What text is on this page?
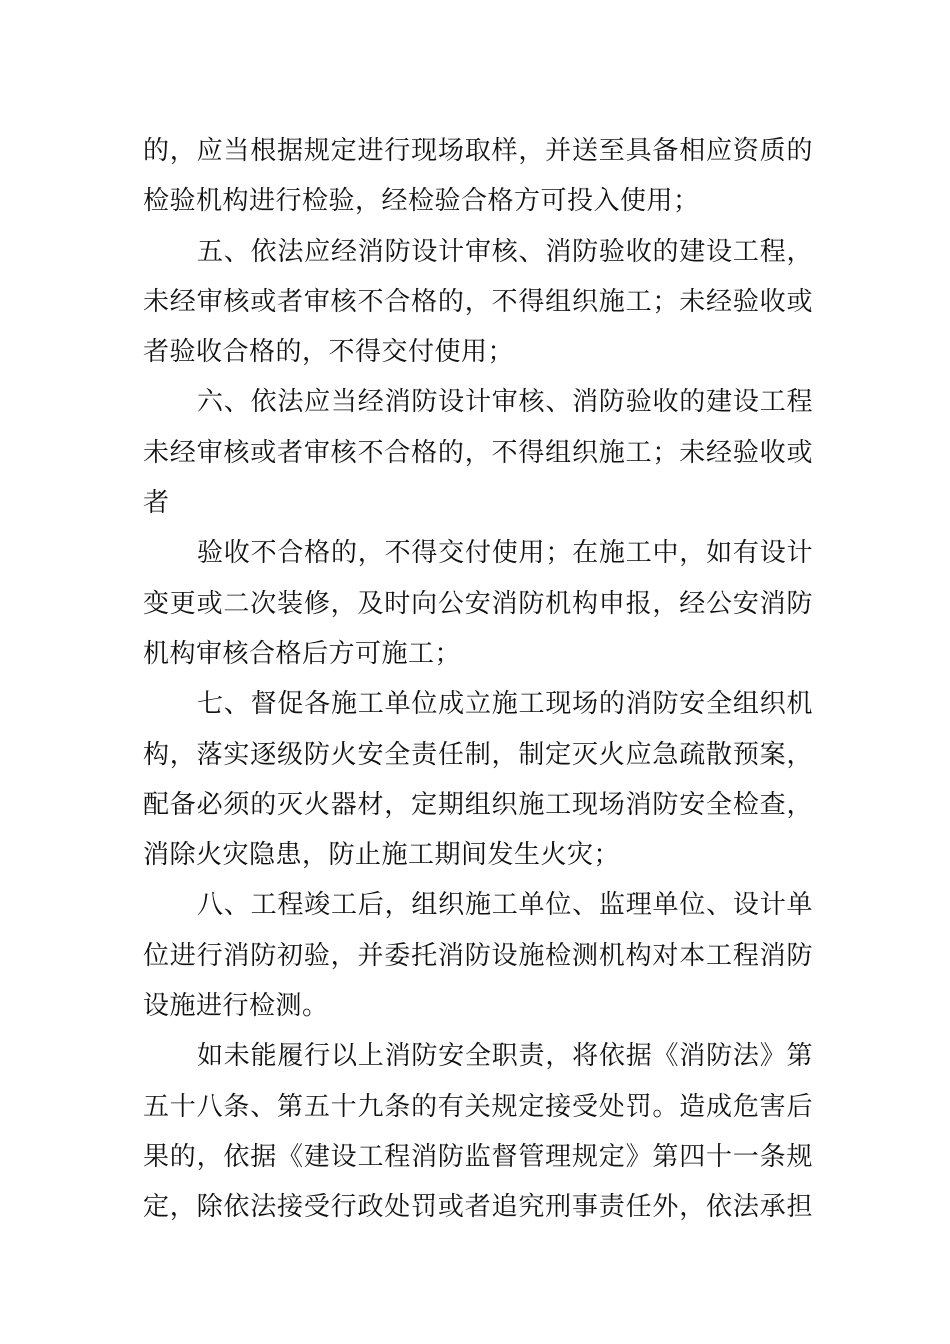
的，应当根据规定进行现场取样，并送至具备相应资质的
检验机构进行检验，经检验合格方可投入使用；
五、依法应经消防设计审核、消防验收的建设工程，
未经审核或者审核不合格的，不得组织施工；未经验收或
者验收合格的，不得交付使用；
六、依法应当经消防设计审核、消防验收的建设工程
未经审核或者审核不合格的，不得组织施工；未经验收或
者
验收不合格的，不得交付使用；在施工中，如有设计
变更或二次装修，及时向公安消防机构申报，经公安消防
机构审核合格后方可施工；
七、督促各施工单位成立施工现场的消防安全组织机
构，落实逐级防火安全责任制，制定灭火应急疏散预案，
配备必须的灭火器材，定期组织施工现场消防安全检查，
消除火灾隐患，防止施工期间发生火灾；
八、工程竣工后，组织施工单位、监理单位、设计单
位进行消防初验，并委托消防设施检测机构对本工程消防
设施进行检测。
如未能履行以上消防安全职责，将依据《消防法》第
五十八条、第五十九条的有关规定接受处罚。造成危害后
果的，依据《建设工程消防监督管理规定》第四十一条规
定，除依法接受行政处罚或者追究刑事责任外，依法承担
